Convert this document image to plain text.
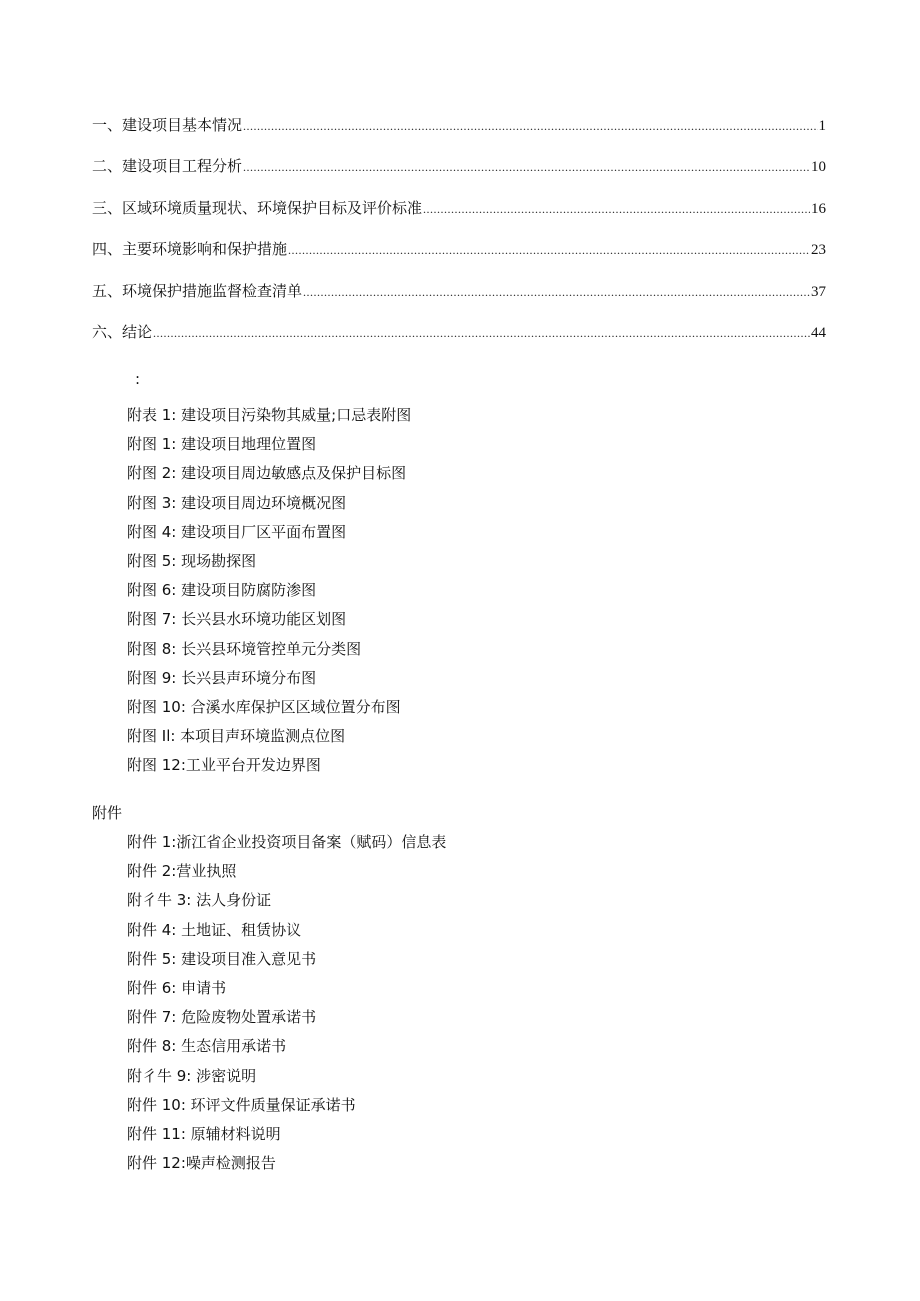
一、建设项目基本情况 .....	1
二、建设项目工程分析 .....	10
三、区域环境质量现状、环境保护目标及评价标准 .....	16
四、主要环境影响和保护措施 .....	23
五、环境保护措施监督检查清单 .....	37
六、结论 .....	44
:
附表 1: 建设项目污染物其威量;口忌表附图
附图 1: 建设项目地理位置图
附图 2: 建设项目周边敏感点及保护目标图
附图 3: 建设项目周边环境概况图
附图 4: 建设项目厂区平面布置图
附图 5: 现场勘探图
附图 6: 建设项目防腐防渗图
附图 7: 长兴县水环境功能区划图
附图 8: 长兴县环境管控单元分类图
附图 9: 长兴县声环境分布图
附图 10: 合溪水库保护区区域位置分布图
附图 Il: 本项目声环境监测点位图
附图 12:工业平台开发边界图
附件
附件 1:浙江省企业投资项目备案（赋码）信息表
附件 2:营业执照
附彳牛 3: 法人身份证
附件 4: 土地证、租赁协议
附件 5: 建设项目准入意见书
附件 6: 申请书
附件 7: 危险废物处置承诺书
附件 8: 生态信用承诺书
附彳牛 9: 涉密说明
附件 10: 环评文件质量保证承诺书
附件 11: 原辅材料说明
附件 12:噪声检测报告
